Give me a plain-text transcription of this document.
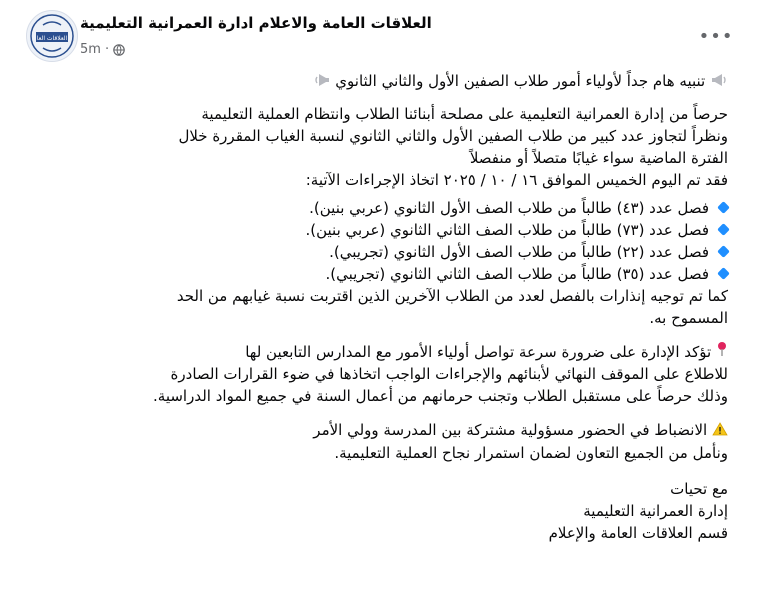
العلاقات العا
العلاقات العامة والاعلام ادارة العمرانية التعليمية
5m ·
•••

تنبيه هام جداً لأولياء أمور طلاب الصفين الأول والثاني الثانوي

حرصاً من إدارة العمرانية التعليمية على مصلحة أبنائنا الطلاب وانتظام العملية التعليمية

ونظراً لتجاوز عدد كبير من طلاب الصفين الأول والثاني الثانوي لنسبة الغياب المقررة خلال

الفترة الماضية سواء غيابًا متصلاً أو منفصلاً

فقد تم اليوم الخميس الموافق ١٦ / ١٠ / ٢٠٢٥ اتخاذ الإجراءات الآتية:

فصل عدد (٤٣) طالباً من طلاب الصف الأول الثانوي (عربي بنين).
فصل عدد (٧٣) طالباً من طلاب الصف الثاني الثانوي (عربي بنين).
فصل عدد (٢٢) طالباً من طلاب الصف الأول الثانوي (تجريبي).
فصل عدد (٣٥) طالباً من طلاب الصف الثاني الثانوي (تجريبي).

كما تم توجيه إنذارات بالفصل لعدد من الطلاب الآخرين الذين اقتربت نسبة غيابهم من الحد

المسموح به.

تؤكد الإدارة على ضرورة سرعة تواصل أولياء الأمور مع المدارس التابعين لها

للاطلاع على الموقف النهائي لأبنائهم والإجراءات الواجب اتخاذها في ضوء القرارات الصادرة

وذلك حرصاً على مستقبل الطلاب وتجنب حرمانهم من أعمال السنة في جميع المواد الدراسية.

الانضباط في الحضور مسؤولية مشتركة بين المدرسة وولي الأمر

ونأمل من الجميع التعاون لضمان استمرار نجاح العملية التعليمية.

مع تحيات

إدارة العمرانية التعليمية

قسم العلاقات العامة والإعلام
